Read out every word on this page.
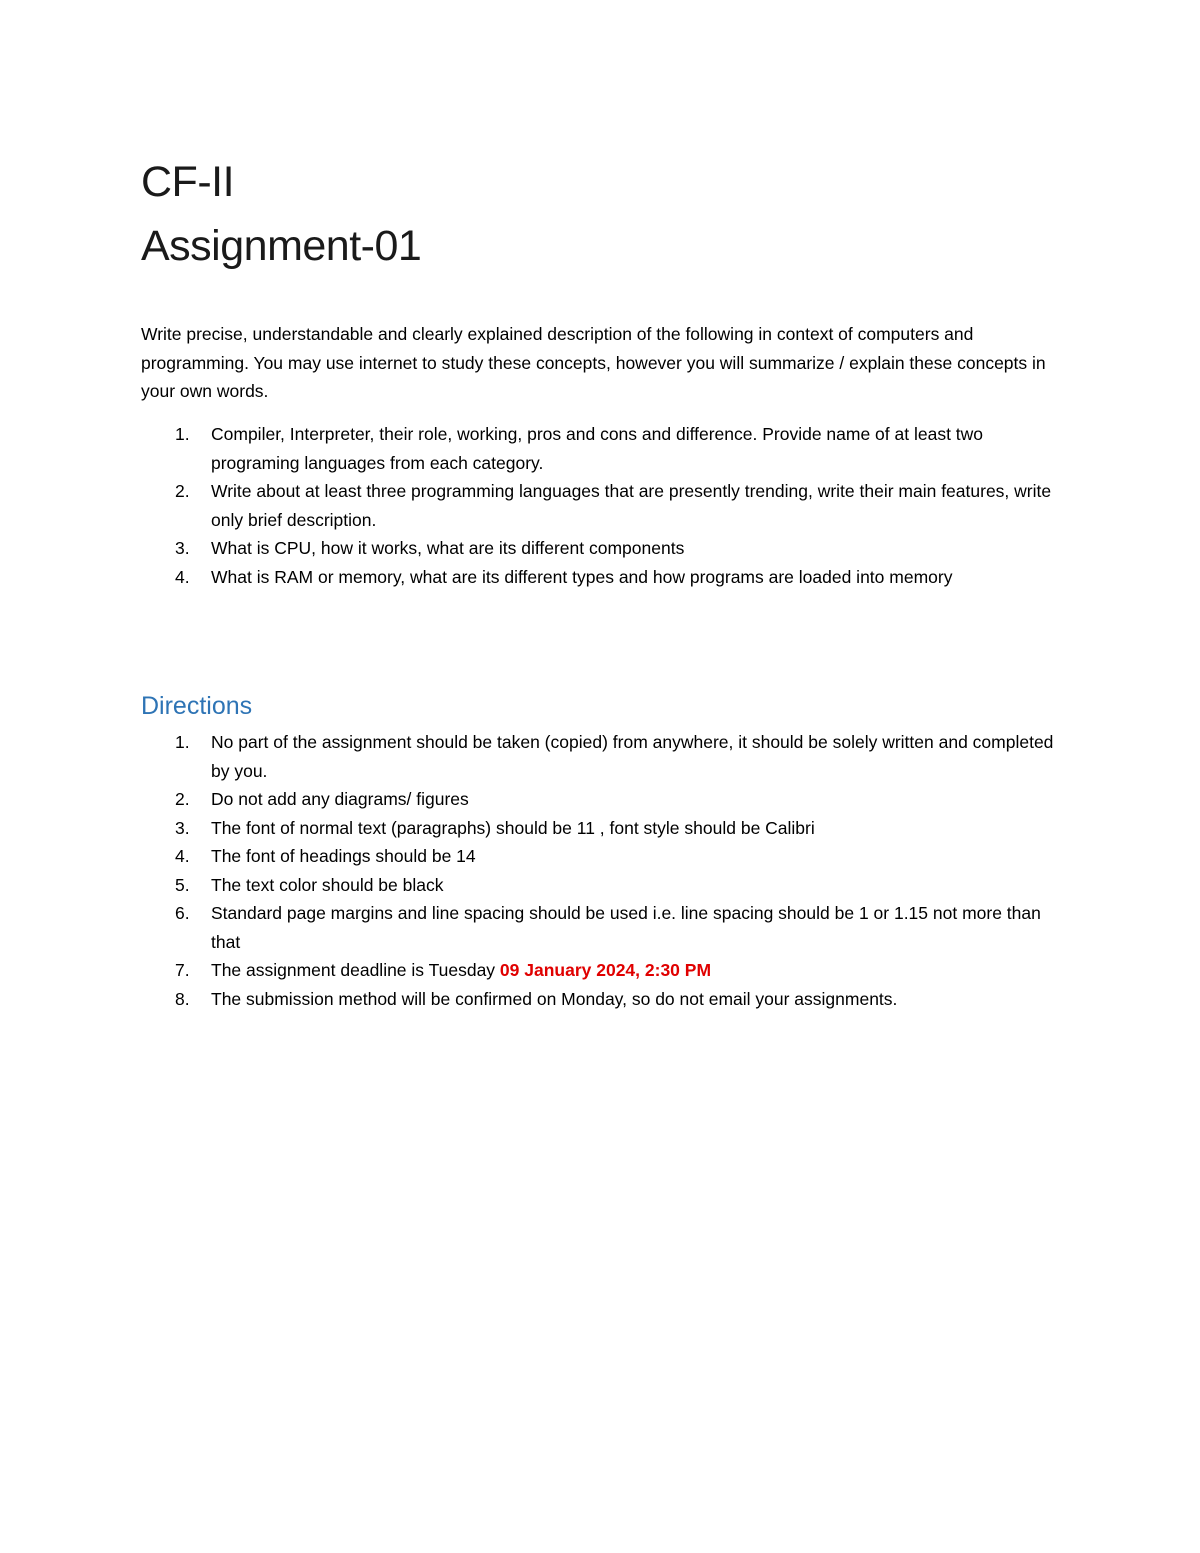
CF-II
Assignment-01

Write precise, understandable and clearly explained description of the following in context of computers and programming. You may use internet to study these concepts, however you will summarize / explain these concepts in your own words.

1. Compiler, Interpreter, their role, working, pros and cons and difference. Provide name of at least two programing languages from each category.
2. Write about at least three programming languages that are presently trending, write their main features, write only brief description.
3. What is CPU, how it works, what are its different components
4. What is RAM or memory, what are its different types and how programs are loaded into memory
Directions
1. No part of the assignment should be taken (copied) from anywhere, it should be solely written and completed by you.
2. Do not add any diagrams/ figures
3. The font of normal text (paragraphs) should be 11 , font style should be Calibri
4. The font of headings should be 14
5. The text color should be black
6. Standard page margins and line spacing should be used i.e. line spacing should be 1 or 1.15 not more than that
7. The assignment deadline is Tuesday 09 January 2024, 2:30 PM
8. The submission method will be confirmed on Monday, so do not email your assignments.
